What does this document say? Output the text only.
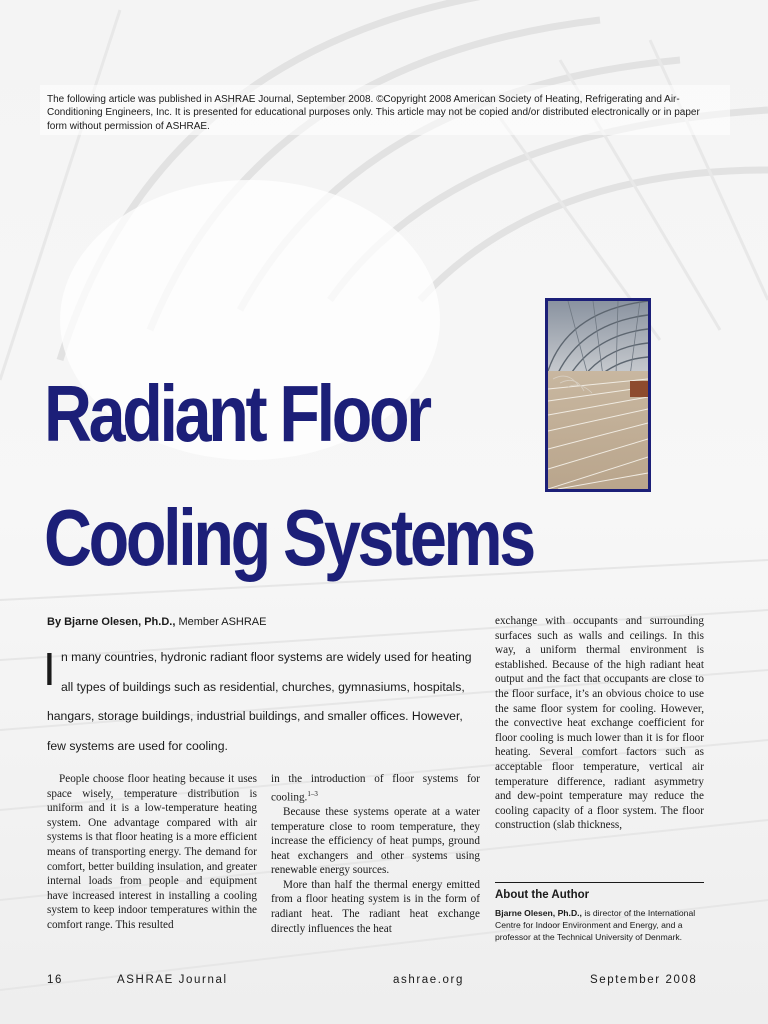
The following article was published in ASHRAE Journal, September 2008. ©Copyright 2008 American Society of Heating, Refrigerating and Air-Conditioning Engineers, Inc. It is presented for educational purposes only. This article may not be copied and/or distributed electronically or in paper form without permission of ASHRAE.
Radiant Floor
Cooling Systems
By Bjarne Olesen, Ph.D., Member ASHRAE
I n many countries, hydronic radiant floor systems are widely used for heating
all types of buildings such as residential, churches, gymnasiums, hospitals,
hangars, storage buildings, industrial buildings, and smaller offices. However,
few systems are used for cooling.

People choose floor heating because it uses space wisely, temperature distribution is uniform and it is a low-temperature heating system. One advantage compared with air systems is that floor heating is a more efficient means of transporting energy. The demand for comfort, better building insulation, and greater internal loads from people and equipment have increased interest in installing a cooling system to keep indoor temperatures within the comfort range. This resulted

in the introduction of floor systems for cooling.$^{1-3}$

Because these systems operate at a water temperature close to room temperature, they increase the efficiency of heat pumps, ground heat exchangers and other systems using renewable energy sources.

More than half the thermal energy emitted from a floor heating system is in the form of radiant heat. The radiant heat exchange directly influences the heat

exchange with occupants and surrounding surfaces such as walls and ceilings. In this way, a uniform thermal environment is established. Because of the high radiant heat output and the fact that occupants are close to the floor surface, it’s an obvious choice to use the same floor system for cooling. However, the convective heat exchange coefficient for floor cooling is much lower than it is for floor heating. Several comfort factors such as acceptable floor temperature, vertical air temperature difference, radiant asymmetry and dew-point temperature may reduce the cooling capacity of a floor system. The floor construction (slab thickness,

About the Author
Bjarne Olesen, Ph.D., is director of the International Centre for Indoor Environment and Energy, and a professor at the Technical University of Denmark.
16	ASHRAE Journal	ashrae.org	September 2008
